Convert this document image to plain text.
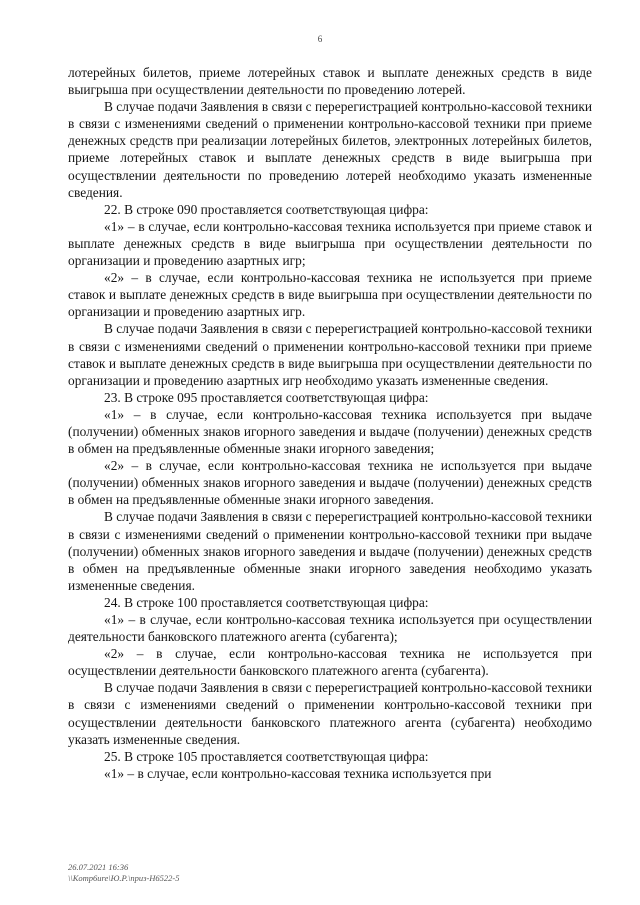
6

лотерейных билетов, приеме лотерейных ставок и выплате денежных средств в виде выигрыша при осуществлении деятельности по проведению лотерей.

В случае подачи Заявления в связи с перерегистрацией контрольно-кассовой техники в связи с изменениями сведений о применении контрольно-кассовой техники при приеме денежных средств при реализации лотерейных билетов, электронных лотерейных билетов, приеме лотерейных ставок и выплате денежных средств в виде выигрыша при осуществлении деятельности по проведению лотерей необходимо указать измененные сведения.

22. В строке 090 проставляется соответствующая цифра:

«1» – в случае, если контрольно-кассовая техника используется при приеме ставок и выплате денежных средств в виде выигрыша при осуществлении деятельности по организации и проведению азартных игр;

«2» – в случае, если контрольно-кассовая техника не используется при приеме ставок и выплате денежных средств в виде выигрыша при осуществлении деятельности по организации и проведению азартных игр.

В случае подачи Заявления в связи с перерегистрацией контрольно-кассовой техники в связи с изменениями сведений о применении контрольно-кассовой техники при приеме ставок и выплате денежных средств в виде выигрыша при осуществлении деятельности по организации и проведению азартных игр необходимо указать измененные сведения.

23. В строке 095 проставляется соответствующая цифра:

«1» – в случае, если контрольно-кассовая техника используется при выдаче (получении) обменных знаков игорного заведения и выдаче (получении) денежных средств в обмен на предъявленные обменные знаки игорного заведения;

«2» – в случае, если контрольно-кассовая техника не используется при выдаче (получении) обменных знаков игорного заведения и выдаче (получении) денежных средств в обмен на предъявленные обменные знаки игорного заведения.

В случае подачи Заявления в связи с перерегистрацией контрольно-кассовой техники в связи с изменениями сведений о применении контрольно-кассовой техники при выдаче (получении) обменных знаков игорного заведения и выдаче (получении) денежных средств в обмен на предъявленные обменные знаки игорного заведения необходимо указать измененные сведения.

24. В строке 100 проставляется соответствующая цифра:

«1» – в случае, если контрольно-кассовая техника используется при осуществлении деятельности банковского платежного агента (субагента);

«2» – в случае, если контрольно-кассовая техника не используется при осуществлении деятельности банковского платежного агента (субагента).

В случае подачи Заявления в связи с перерегистрацией контрольно-кассовой техники в связи с изменениями сведений о применении контрольно-кассовой техники при осуществлении деятельности банковского платежного агента (субагента) необходимо указать измененные сведения.

25. В строке 105 проставляется соответствующая цифра:

«1» – в случае, если контрольно-кассовая техника используется при

26.07.2021 16:36
\\Komp6ure\Ю.Р.\приз-H6522-5
